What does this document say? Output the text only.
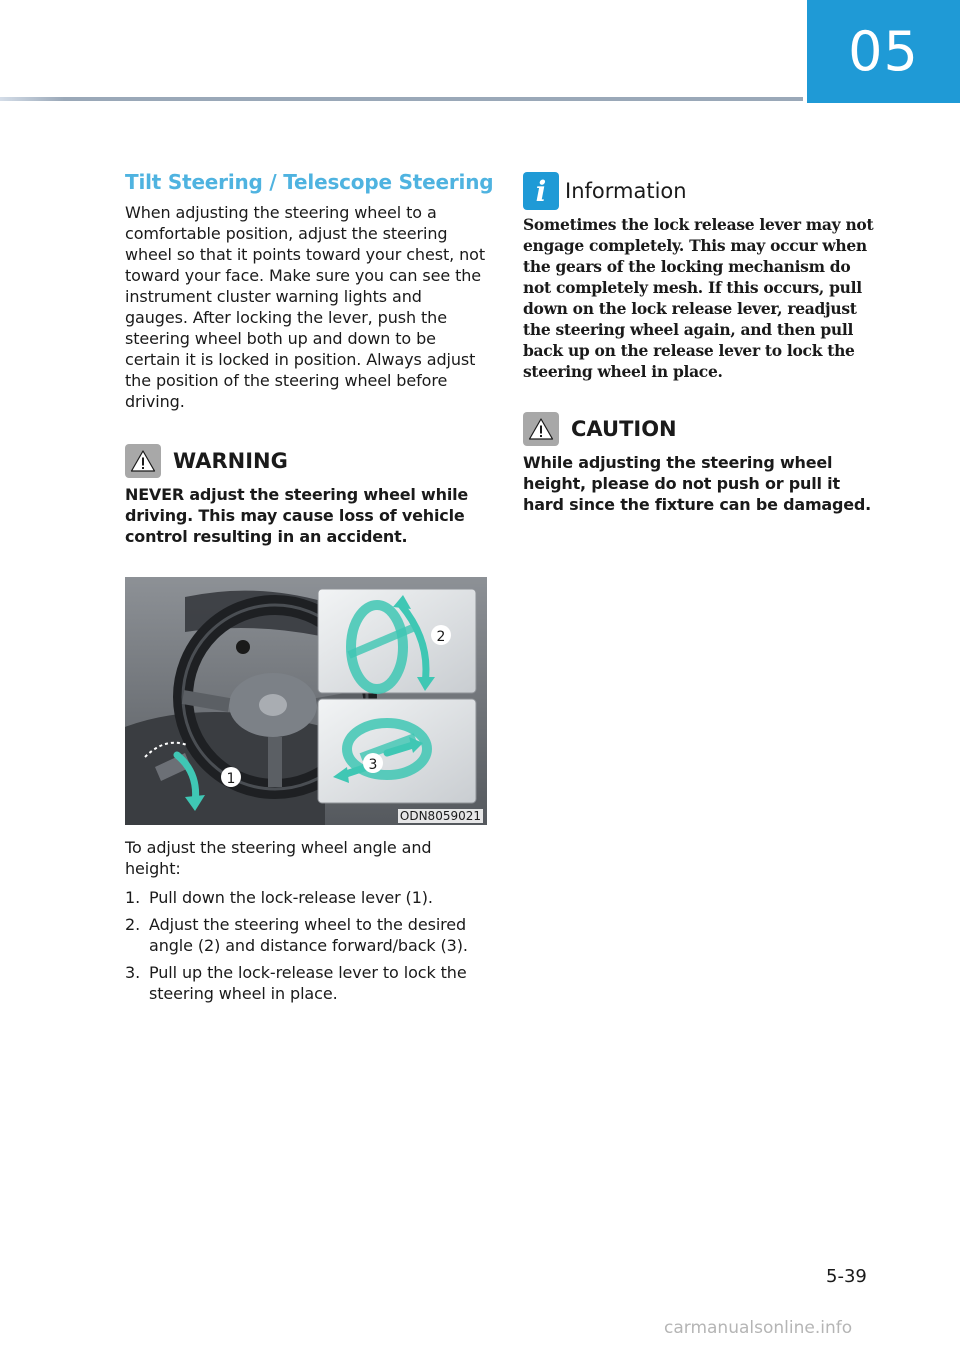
05
Tilt Steering / Telescope Steering

When adjusting the steering wheel to a comfortable position, adjust the steering wheel so that it points toward your chest, not toward your face. Make sure you can see the instrument cluster warning lights and gauges. After locking the lever, push the steering wheel both up and down to be certain it is locked in position. Always adjust the position of the steering wheel before driving.

WARNING

NEVER adjust the steering wheel while driving. This may cause loss of vehicle control resulting in an accident.

1
2
3
ODN8059021

To adjust the steering wheel angle and height:

1. Pull down the lock-release lever (1).
2. Adjust the steering wheel to the desired angle (2) and distance forward/back (3).
3. Pull up the lock-release lever to lock the steering wheel in place.
i Information

Sometimes the lock release lever may not engage completely. This may occur when the gears of the locking mechanism do not completely mesh. If this occurs, pull down on the lock release lever, readjust the steering wheel again, and then pull back up on the release lever to lock the steering wheel in place.

CAUTION

While adjusting the steering wheel height, please do not push or pull it hard since the fixture can be damaged.

5-39
carmanualsonline.info
